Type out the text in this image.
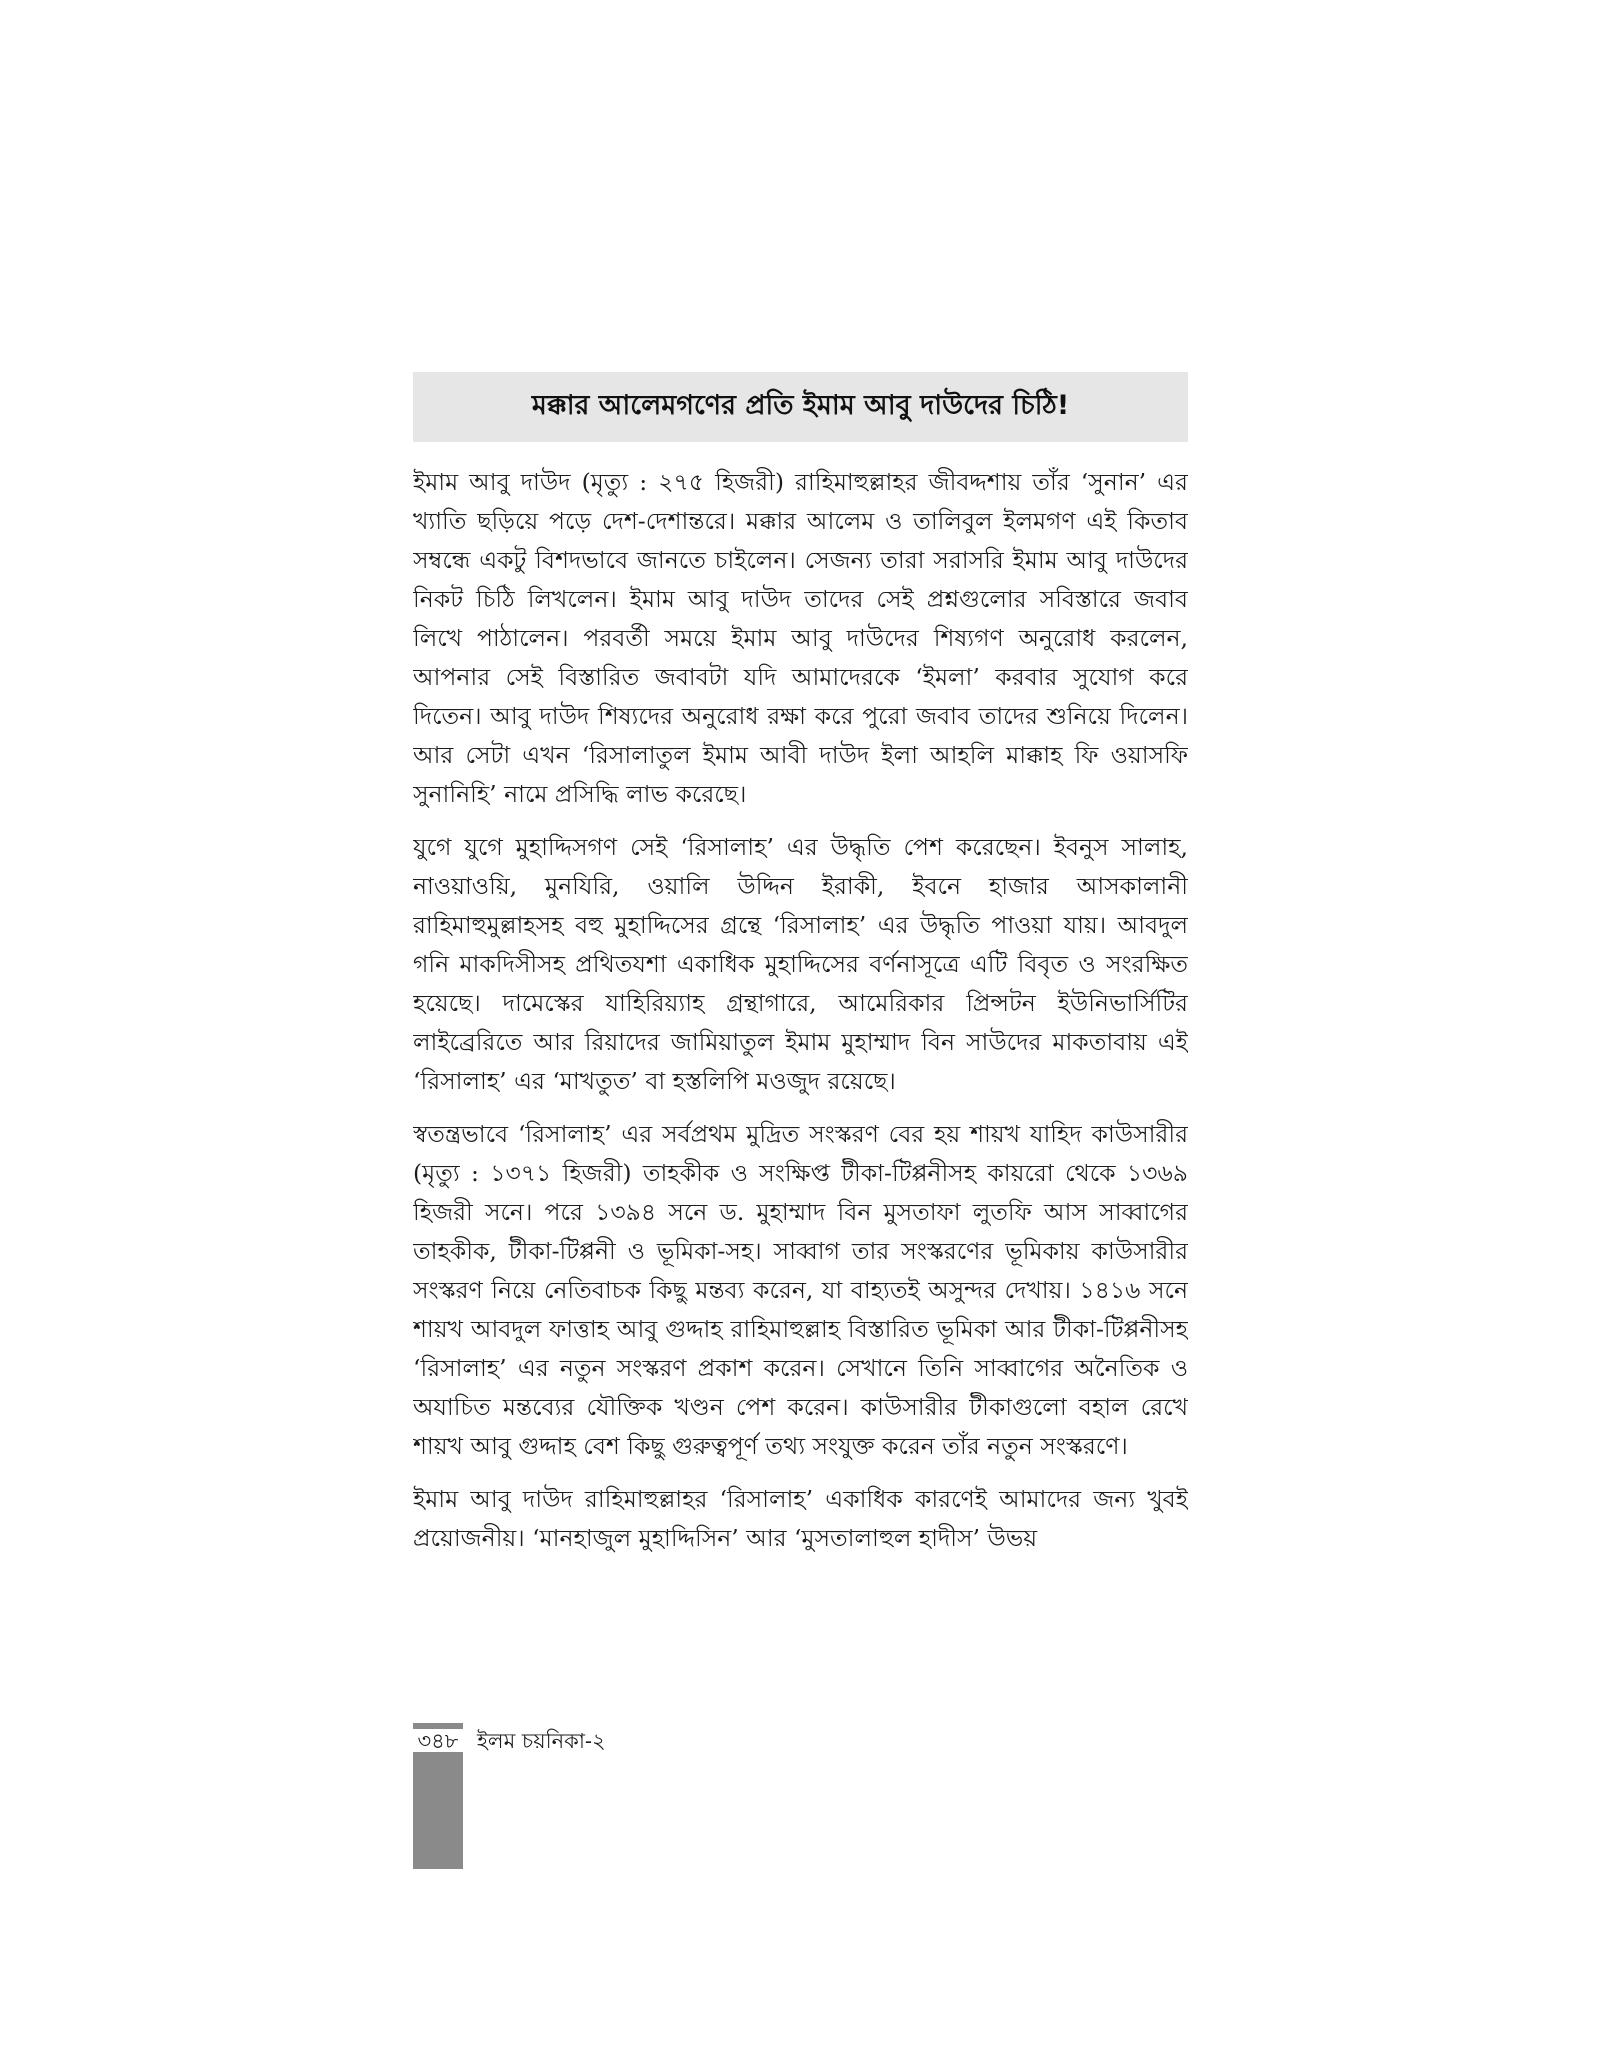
মক্কার আলেমগণের প্রতি ইমাম আবু দাউদের চিঠি!

ইমাম আবু দাউদ (মৃত্যু : ২৭৫ হিজরী) রাহিমাহুল্লাহর জীবদ্দশায় তাঁর ‘সুনান’ এর খ্যাতি ছড়িয়ে পড়ে দেশ-দেশান্তরে। মক্কার আলেম ও তালিবুল ইলমগণ এই কিতাব সম্বন্ধে একটু বিশদভাবে জানতে চাইলেন। সেজন্য তারা সরাসরি ইমাম আবু দাউদের নিকট চিঠি লিখলেন। ইমাম আবু দাউদ তাদের সেই প্রশ্নগুলোর সবিস্তারে জবাব লিখে পাঠালেন। পরবর্তী সময়ে ইমাম আবু দাউদের শিষ্যগণ অনুরোধ করলেন, আপনার সেই বিস্তারিত জবাবটা যদি আমাদেরকে ‘ইমলা’ করবার সুযোগ করে দিতেন। আবু দাউদ শিষ্যদের অনুরোধ রক্ষা করে পুরো জবাব তাদের শুনিয়ে দিলেন। আর সেটা এখন ‘রিসালাতুল ইমাম আবী দাউদ ইলা আহলি মাক্কাহ ফি ওয়াসফি সুনানিহি’ নামে প্রসিদ্ধি লাভ করেছে।

যুগে যুগে মুহাদ্দিসগণ সেই ‘রিসালাহ’ এর উদ্ধৃতি পেশ করেছেন। ইবনুস সালাহ, নাওয়াওয়ি, মুনযিরি, ওয়ালি উদ্দিন ইরাকী, ইবনে হাজার আসকালানী রাহিমাহুমুল্লাহসহ বহু মুহাদ্দিসের গ্রন্থে ‘রিসালাহ’ এর উদ্ধৃতি পাওয়া যায়। আবদুল গনি মাকদিসীসহ প্রথিতযশা একাধিক মুহাদ্দিসের বর্ণনাসূত্রে এটি বিবৃত ও সংরক্ষিত হয়েছে। দামেস্কের যাহিরিয়্যাহ গ্রন্থাগারে, আমেরিকার প্রিন্সটন ইউনিভার্সিটির লাইব্রেরিতে আর রিয়াদের জামিয়াতুল ইমাম মুহাম্মাদ বিন সাউদের মাকতাবায় এই ‘রিসালাহ’ এর ‘মাখতুত’ বা হস্তলিপি মওজুদ রয়েছে।

স্বতন্ত্রভাবে ‘রিসালাহ’ এর সর্বপ্রথম মুদ্রিত সংস্করণ বের হয় শায়খ যাহিদ কাউসারীর (মৃত্যু : ১৩৭১ হিজরী) তাহকীক ও সংক্ষিপ্ত টীকা-টিপ্পনীসহ কায়রো থেকে ১৩৬৯ হিজরী সনে। পরে ১৩৯৪ সনে ড. মুহাম্মাদ বিন মুসতাফা লুতফি আস সাব্বাগের তাহকীক, টীকা-টিপ্পনী ও ভূমিকা-সহ। সাব্বাগ তার সংস্করণের ভূমিকায় কাউসারীর সংস্করণ নিয়ে নেতিবাচক কিছু মন্তব্য করেন, যা বাহ্যতই অসুন্দর দেখায়। ১৪১৬ সনে শায়খ আবদুল ফাত্তাহ আবু গুদ্দাহ রাহিমাহুল্লাহ বিস্তারিত ভূমিকা আর টীকা-টিপ্পনীসহ ‘রিসালাহ’ এর নতুন সংস্করণ প্রকাশ করেন। সেখানে তিনি সাব্বাগের অনৈতিক ও অযাচিত মন্তব্যের যৌক্তিক খণ্ডন পেশ করেন। কাউসারীর টীকাগুলো বহাল রেখে শায়খ আবু গুদ্দাহ বেশ কিছু গুরুত্বপূর্ণ তথ্য সংযুক্ত করেন তাঁর নতুন সংস্করণে।

ইমাম আবু দাউদ রাহিমাহুল্লাহর ‘রিসালাহ’ একাধিক কারণেই আমাদের জন্য খুবই প্রয়োজনীয়। ‘মানহাজুল মুহাদ্দিসিন’ আর ‘মুসতালাহুল হাদীস’ উভয়

৩৪৮ ইলম চয়নিকা-২
